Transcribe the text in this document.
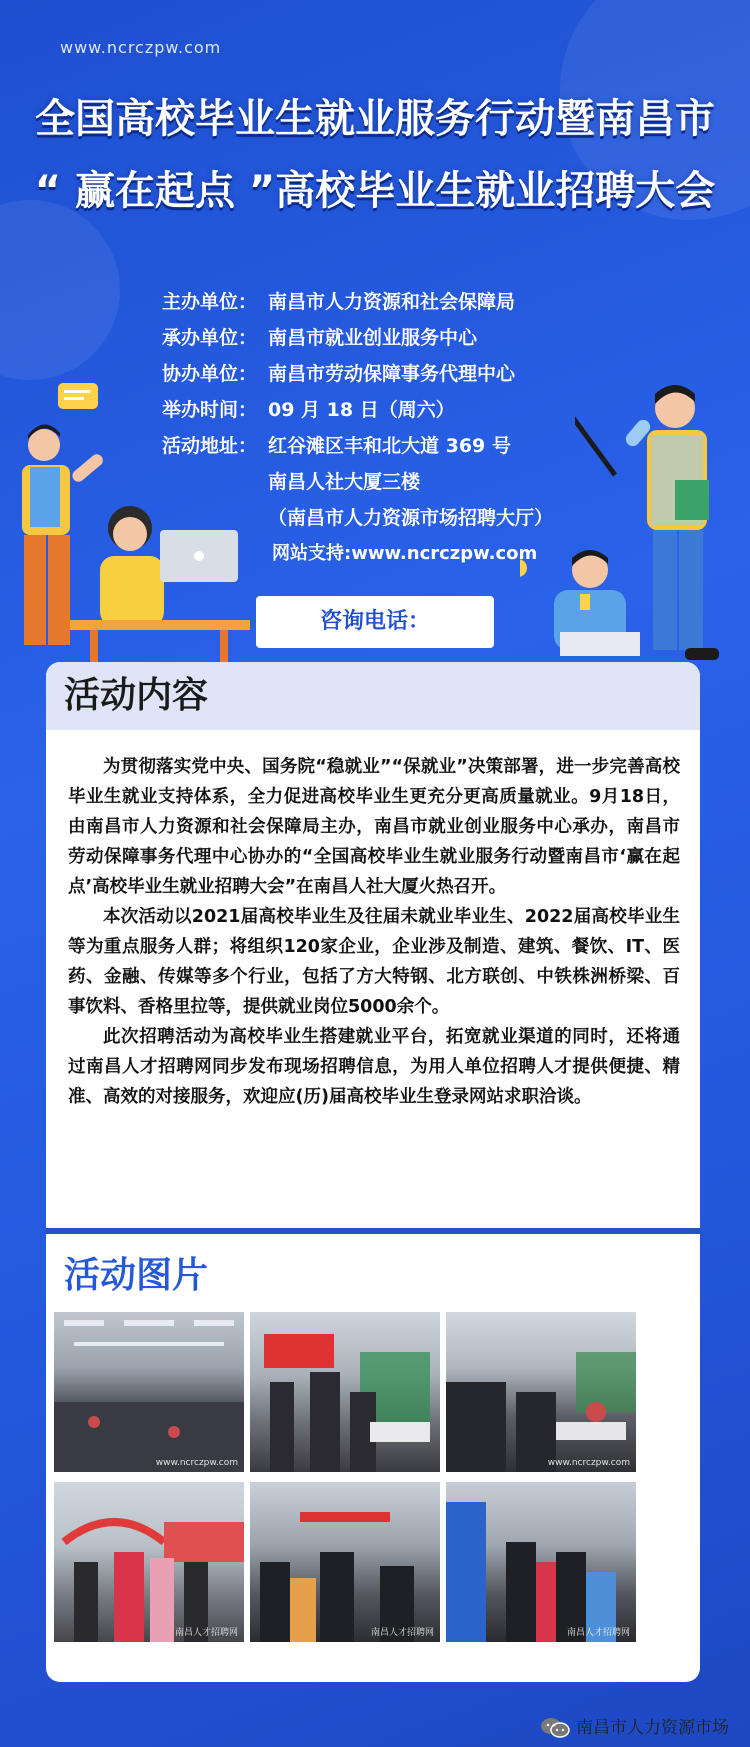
www.ncrczpw.com
全国高校毕业生就业服务行动暨南昌市
“ 赢在起点 ”高校毕业生就业招聘大会
主办单位： 南昌市人力资源和社会保障局
承办单位： 南昌市就业创业服务中心
协办单位： 南昌市劳动保障事务代理中心
举办时间： 09 月 18 日（周六）
活动地址： 红谷滩区丰和北大道 369 号
南昌人社大厦三楼
（南昌市人力资源市场招聘大厅）
网站支持:www.ncrczpw.com
咨询电话：
活动内容

为贯彻落实党中央、国务院“稳就业”“保就业”决策部署，进一步完善高校毕业生就业支持体系，全力促进高校毕业生更充分更高质量就业。9月18日，由南昌市人力资源和社会保障局主办，南昌市就业创业服务中心承办，南昌市劳动保障事务代理中心协办的“全国高校毕业生就业服务行动暨南昌市‘赢在起点’高校毕业生就业招聘大会”在南昌人社大厦火热召开。

本次活动以2021届高校毕业生及往届未就业毕业生、2022届高校毕业生等为重点服务人群；将组织120家企业，企业涉及制造、建筑、餐饮、IT、医药、金融、传媒等多个行业，包括了方大特钢、北方联创、中铁株洲桥梁、百事饮料、香格里拉等，提供就业岗位5000余个。

此次招聘活动为高校毕业生搭建就业平台，拓宽就业渠道的同时，还将通过南昌人才招聘网同步发布现场招聘信息，为用人单位招聘人才提供便捷、精准、高效的对接服务，欢迎应(历)届高校毕业生登录网站求职洽谈。

活动图片
www.ncrczpw.com	www.ncrczpw.com
南昌人才招聘网	南昌人才招聘网	南昌人才招聘网
南昌市人力资源市场
